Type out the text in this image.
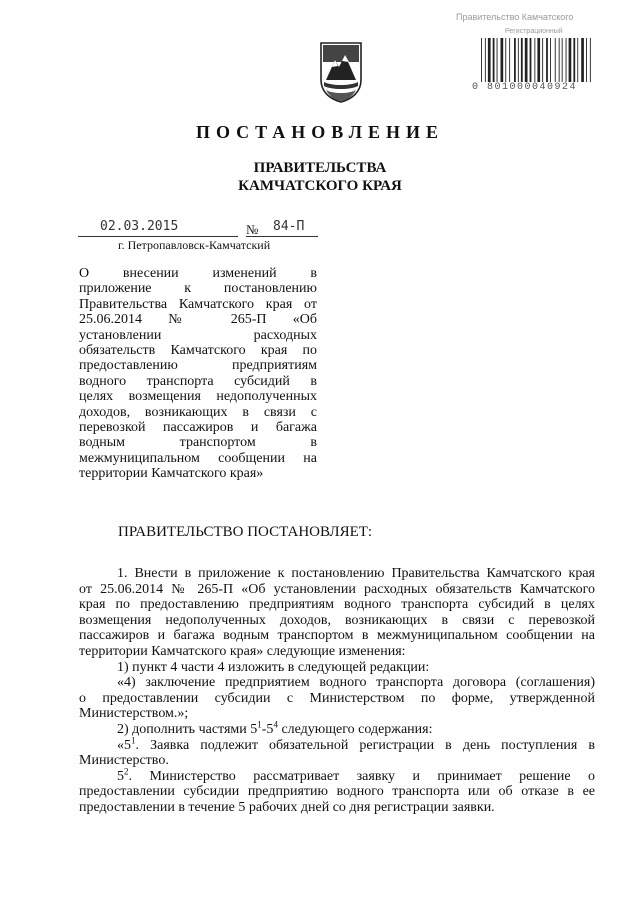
Правительство Камчатского
Регистрационный
0 801000040924
ПОСТАНОВЛЕНИЕ
ПРАВИТЕЛЬСТВА
КАМЧАТСКОГО КРАЯ
02.03.2015	№ 84-П
г. Петропавловск-Камчатский
О внесении изменений в
приложение к постановлению
Правительства Камчатского края от
25.06.2014 № 265-П «Об
установлении расходных
обязательств Камчатского края по
предоставлению предприятиям
водного транспорта субсидий в
целях возмещения недополученных
доходов, возникающих в связи с
перевозкой пассажиров и багажа
водным транспортом в
межмуниципальном сообщении на
территории Камчатского края»
ПРАВИТЕЛЬСТВО ПОСТАНОВЛЯЕТ:
1. Внести в приложение к постановлению Правительства Камчатского края
от 25.06.2014 № 265-П «Об установлении расходных обязательств Камчатского
края по предоставлению предприятиям водного транспорта субсидий в целях
возмещения недополученных доходов, возникающих в связи с перевозкой
пассажиров и багажа водным транспортом в межмуниципальном сообщении на
территории Камчатского края» следующие изменения:
1) пункт 4 части 4 изложить в следующей редакции:
«4) заключение предприятием водного транспорта договора (соглашения)
о предоставлении субсидии с Министерством по форме, утвержденной
Министерством.»;
2) дополнить частями $5^1-5^4$ следующего содержания:
«$5^1$. Заявка подлежит обязательной регистрации в день поступления в
Министерство.
$5^2$. Министерство рассматривает заявку и принимает решение о
предоставлении субсидии предприятию водного транспорта или об отказе в ее
предоставлении в течение 5 рабочих дней со дня регистрации заявки.
